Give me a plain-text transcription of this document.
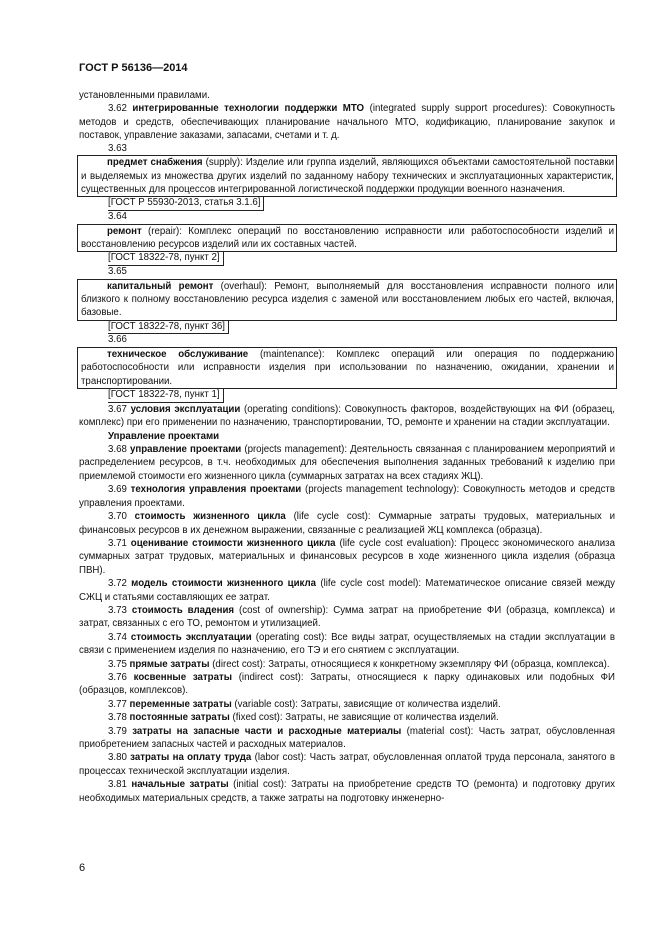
ГОСТ Р 56136—2014

установленными правилами.

3.62 интегрированные технологии поддержки МТО (integrated supply support procedures): Совокупность методов и средств, обеспечивающих планирование начального МТО, кодификацию, планирование закупок и поставок, управление заказами, запасами, счетами и т. д.

3.63

предмет снабжения (supply): Изделие или группа изделий, являющихся объектами самостоятельной поставки и выделяемых из множества других изделий по заданному набору технических и эксплуатационных характеристик, существенных для процессов интегрированной логистической поддержки продукции военного назначения.

[ГОСТ Р 55930-2013, статья 3.1.6]

3.64

ремонт (repair): Комплекс операций по восстановлению исправности или работоспособности изделий и восстановлению ресурсов изделий или их составных частей.

[ГОСТ 18322-78, пункт 2]

3.65

капитальный ремонт (overhaul): Ремонт, выполняемый для восстановления исправности полного или близкого к полному восстановлению ресурса изделия с заменой или восстановлением любых его частей, включая, базовые.

[ГОСТ 18322-78, пункт 36]

3.66

техническое обслуживание (maintenance): Комплекс операций или операция по поддержанию работоспособности или исправности изделия при использовании по назначению, ожидании, хранении и транспортировании.

[ГОСТ 18322-78, пункт 1]

3.67 условия эксплуатации (operating conditions): Совокупность факторов, воздействующих на ФИ (образец, комплекс) при его применении по назначению, транспортировании, ТО, ремонте и хранении на стадии эксплуатации.

Управление проектами

3.68 управление проектами (projects management): Деятельность связанная с планированием мероприятий и распределением ресурсов, в т.ч. необходимых для обеспечения выполнения заданных требований к изделию при приемлемой стоимости его жизненного цикла (суммарных затратах на всех стадиях ЖЦ).

3.69 технология управления проектами (projects management technology): Совокупность методов и средств управления проектами.

3.70 стоимость жизненного цикла (life cycle cost): Суммарные затраты трудовых, материальных и финансовых ресурсов в их денежном выражении, связанные с реализацией ЖЦ комплекса (образца).

3.71 оценивание стоимости жизненного цикла (life cycle cost evaluation): Процесс экономического анализа суммарных затрат трудовых, материальных и финансовых ресурсов в ходе жизненного цикла изделия (образца ПВН).

3.72 модель стоимости жизненного цикла (life cycle cost model): Математическое описание связей между СЖЦ и статьями составляющих ее затрат.

3.73 стоимость владения (cost of ownership): Сумма затрат на приобретение ФИ (образца, комплекса) и затрат, связанных с его ТО, ремонтом и утилизацией.

3.74 стоимость эксплуатации (operating cost): Все виды затрат, осуществляемых на стадии эксплуатации в связи с применением изделия по назначению, его ТЭ и его снятием с эксплуатации.

3.75 прямые затраты (direct cost): Затраты, относящиеся к конкретному экземпляру ФИ (образца, комплекса).

3.76 косвенные затраты (indirect cost): Затраты, относящиеся к парку одинаковых или подобных ФИ (образцов, комплексов).

3.77 переменные затраты (variable cost): Затраты, зависящие от количества изделий.

3.78 постоянные затраты (fixed cost): Затраты, не зависящие от количества изделий.

3.79 затраты на запасные части и расходные материалы (material cost): Часть затрат, обусловленная приобретением запасных частей и расходных материалов.

3.80 затраты на оплату труда (labor cost): Часть затрат, обусловленная оплатой труда персонала, занятого в процессах технической эксплуатации изделия.

3.81 начальные затраты (initial cost): Затраты на приобретение средств ТО (ремонта) и подготовку других необходимых материальных средств, а также затраты на подготовку инженерно-

6
